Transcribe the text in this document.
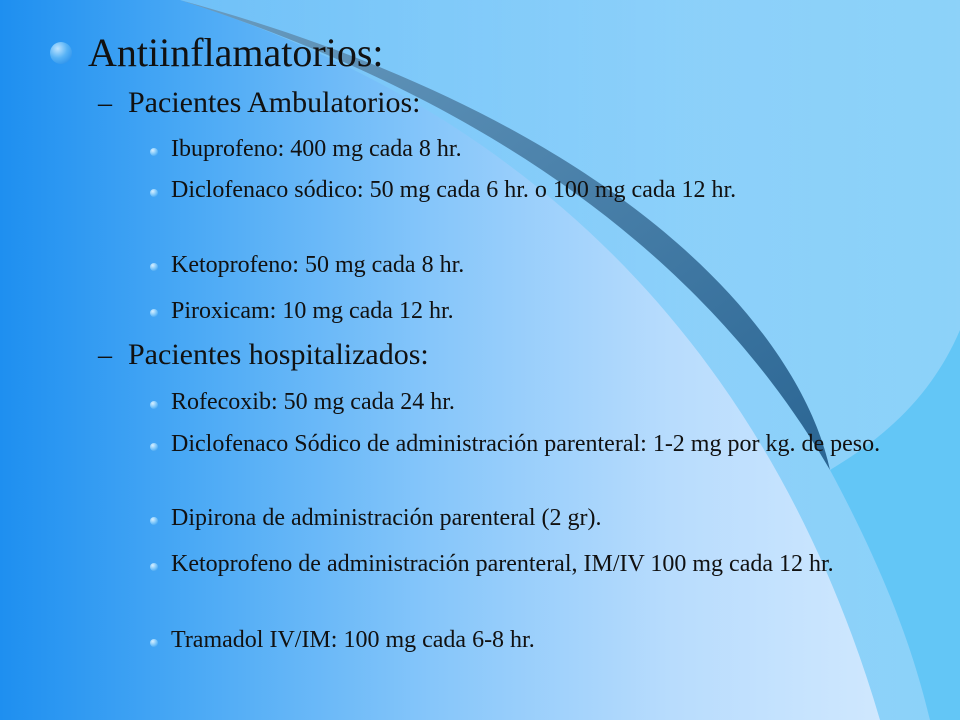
Antiinflamatorios:
– Pacientes Ambulatorios:
Ibuprofeno: 400 mg cada 8 hr.
Diclofenaco sódico: 50 mg cada 6 hr. o 100 mg cada 12 hr.
Ketoprofeno: 50 mg cada 8 hr.
Piroxicam: 10 mg cada 12 hr.
– Pacientes hospitalizados:
Rofecoxib: 50 mg cada 24 hr.
Diclofenaco Sódico de administración parenteral: 1-2 mg por kg. de peso.
Dipirona de administración parenteral (2 gr).
Ketoprofeno de administración parenteral, IM/IV 100 mg cada 12 hr.
Tramadol IV/IM: 100 mg cada 6-8 hr.
